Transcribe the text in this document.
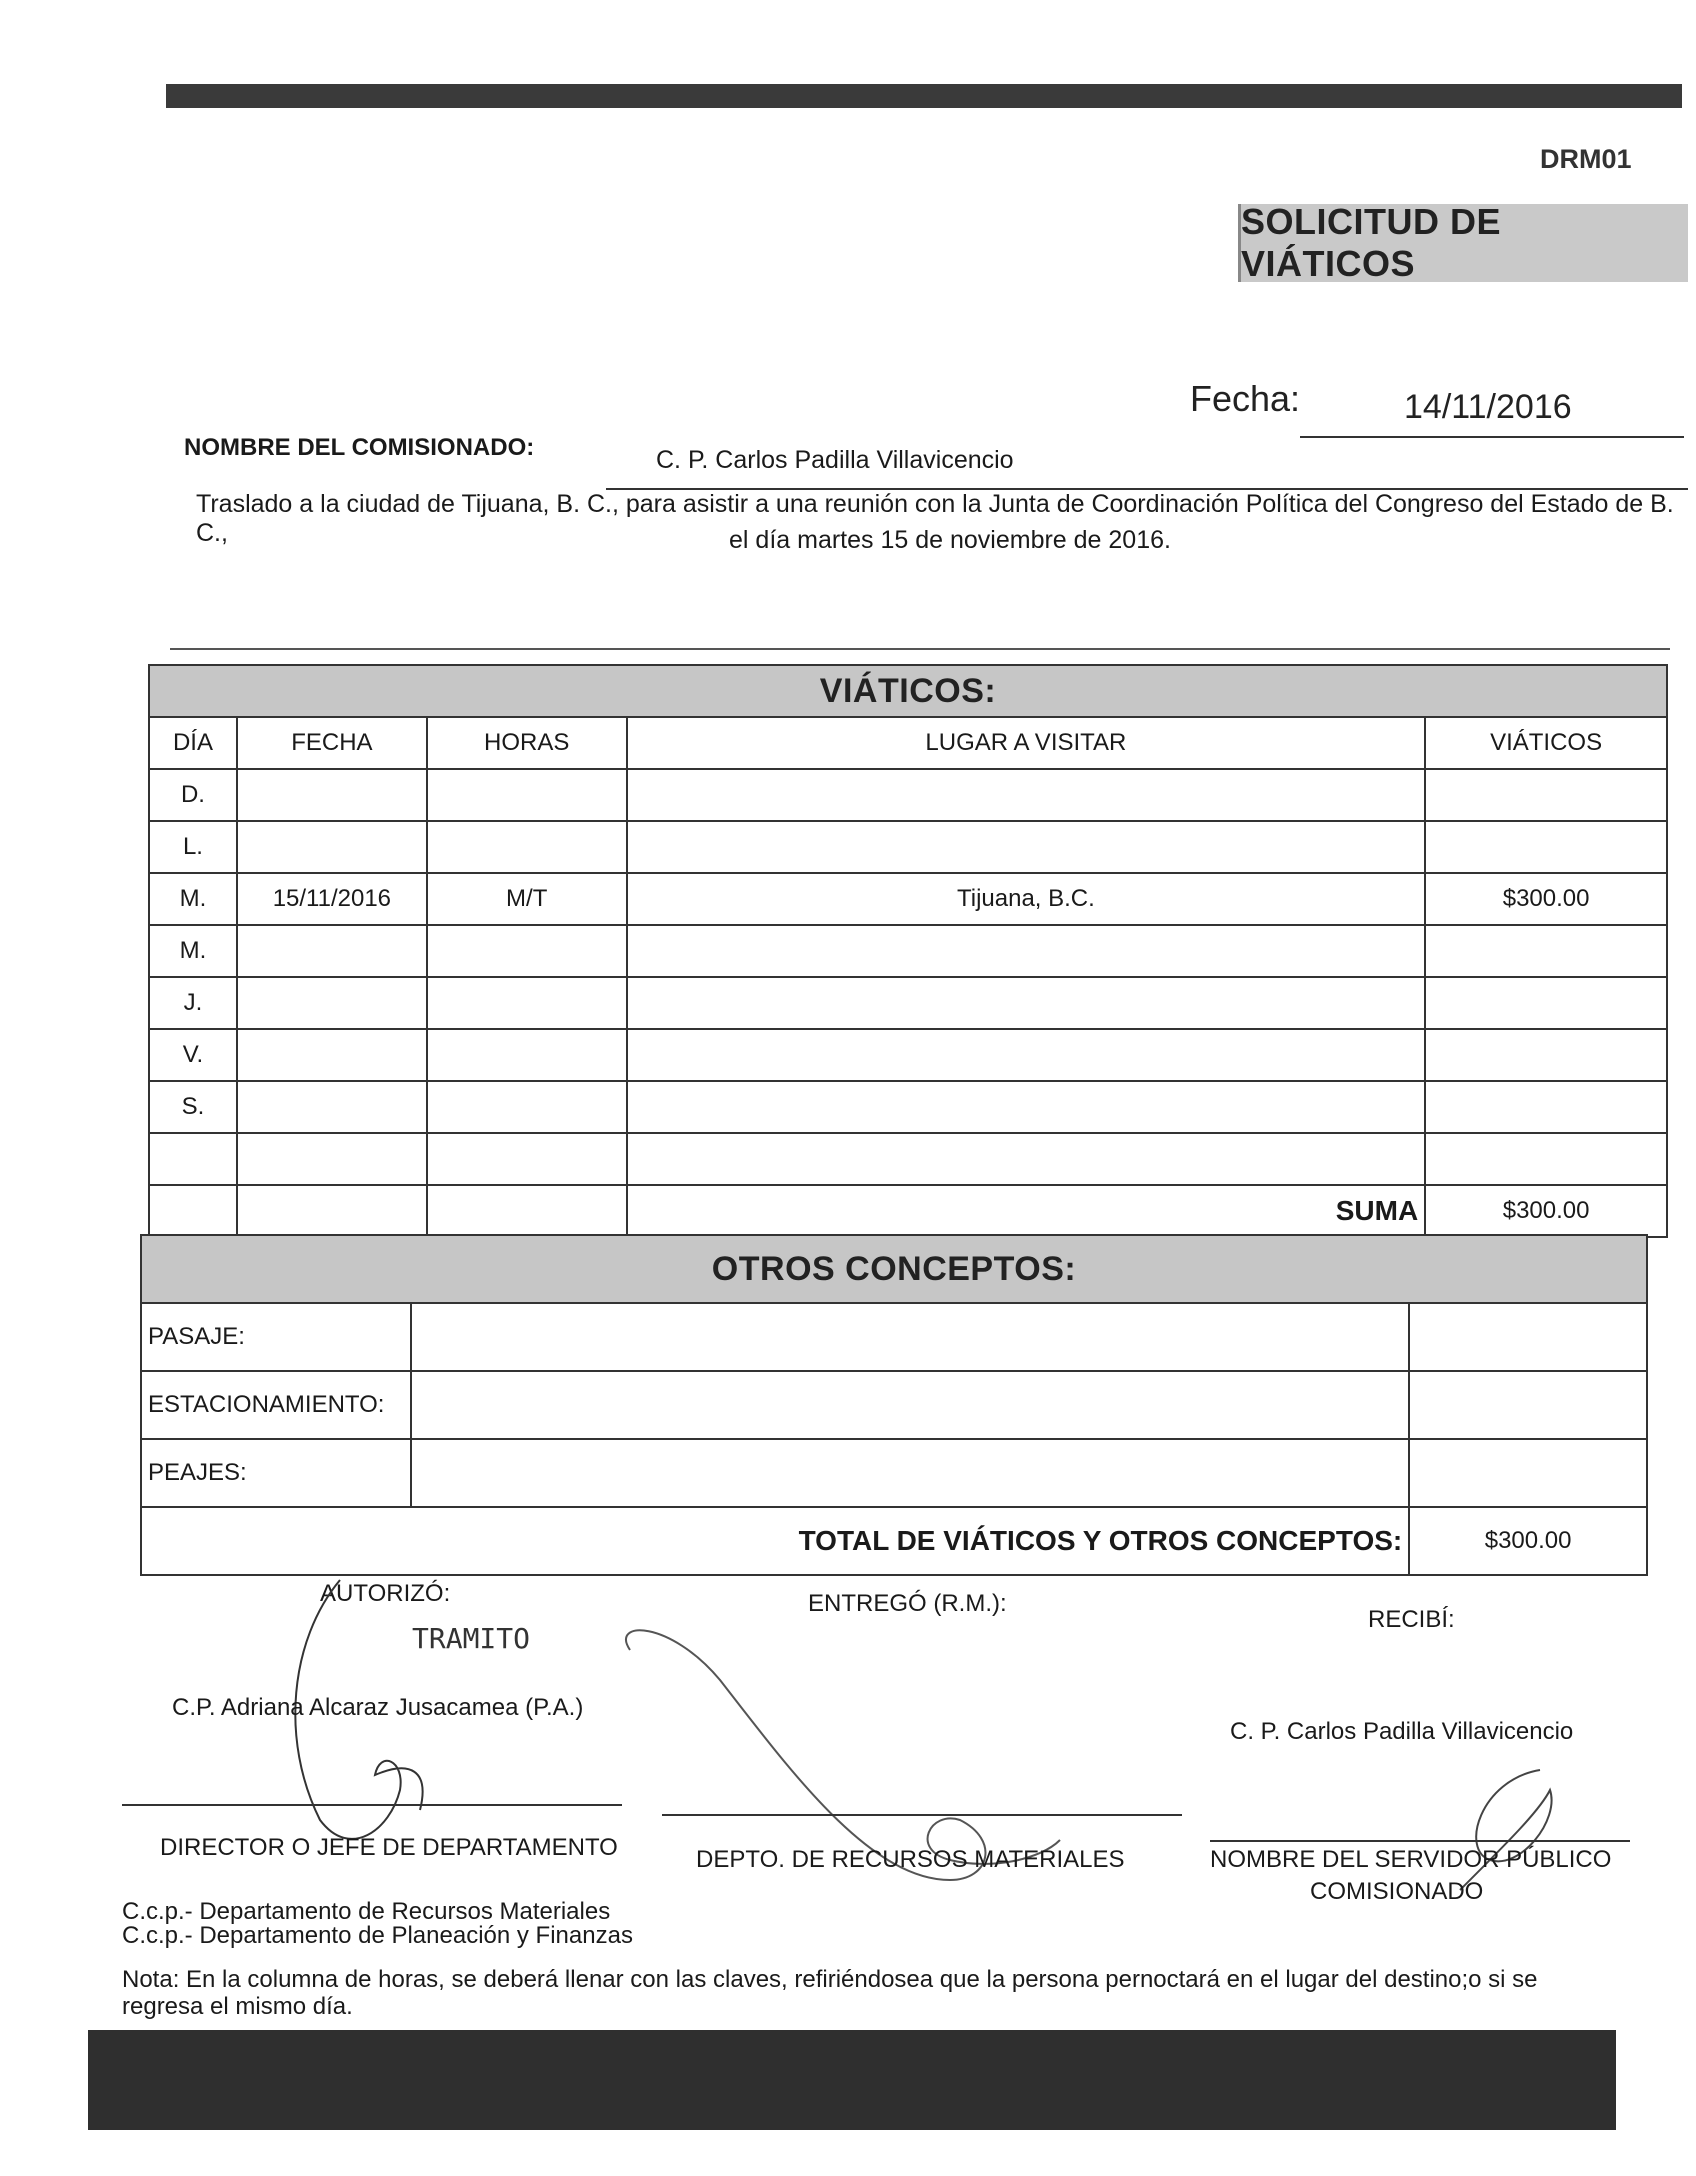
DRM01
SOLICITUD DE VIÁTICOS
Fecha:	14/11/2016
NOMBRE DEL COMISIONADO:	C. P. Carlos Padilla Villavicencio
Traslado a la ciudad de Tijuana, B. C., para asistir a una reunión con la Junta de Coordinación Política del Congreso del Estado de B. C.,	el día martes 15 de noviembre de 2016.
VIÁTICOS:				
DÍA	FECHA	HORAS	LUGAR A VISITAR	VIÁTICOS
D.				
L.				
M.	15/11/2016	M/T	Tijuana, B.C.	$300.00
M.				
J.				
V.				
S.				

			SUMA	$300.00
OTROS CONCEPTOS:		
PASAJE:		
ESTACIONAMIENTO:		
PEAJES:		
TOTAL DE VIÁTICOS Y OTROS CONCEPTOS:		$300.00
AUTORIZÓ:
TRAMITO
ENTREGÓ (R.M.):
RECIBÍ:
C.P. Adriana Alcaraz Jusacamea (P.A.)
C. P. Carlos Padilla Villavicencio
DIRECTOR O JEFE DE DEPARTAMENTO	DEPTO. DE RECURSOS MATERIALES	NOMBRE DEL SERVIDOR PÚBLICO
COMISIONADO
C.c.p.- Departamento de Recursos Materiales
C.c.p.- Departamento de Planeación y Finanzas
Nota: En la columna de horas, se deberá llenar con las claves, refiriéndosea que la persona pernoctará en el lugar del destino;o si se regresa el mismo día.
